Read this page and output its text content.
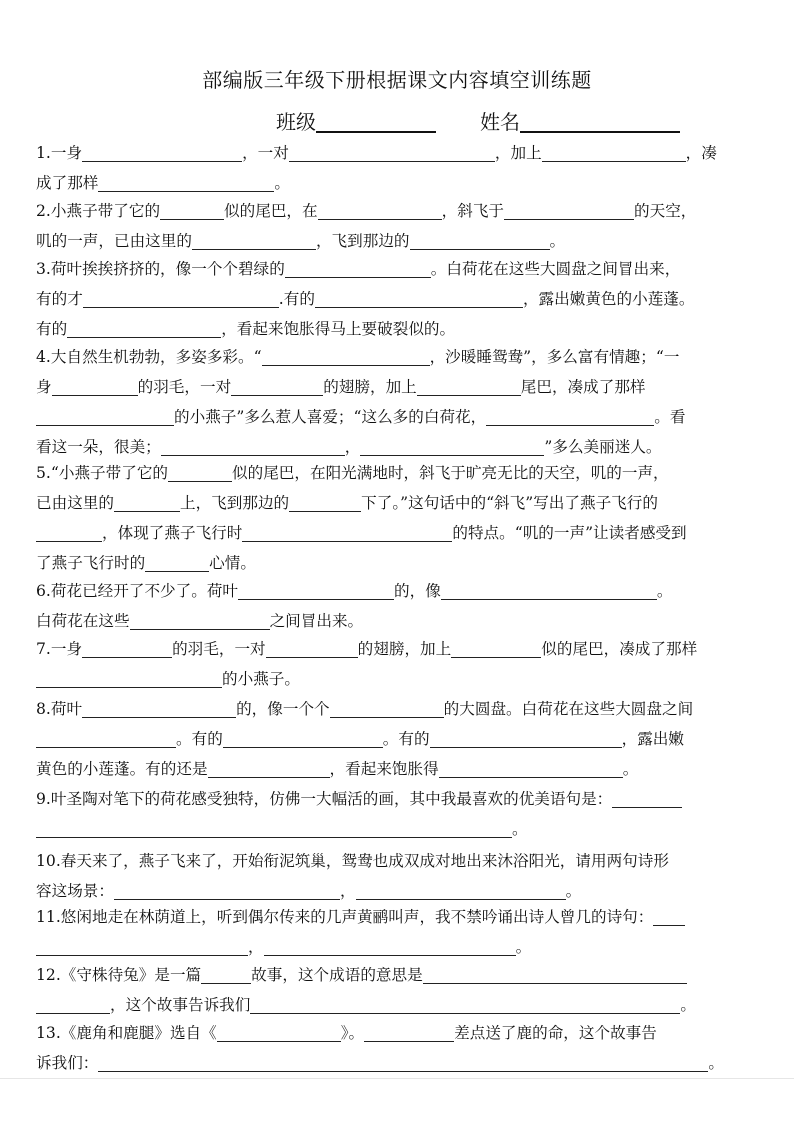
部编版三年级下册根据课文内容填空训练题
班级	姓名
1.一身	，一对	，加上	，凑
成了那样	。
2.小燕子带了它的	似的尾巴，在	，斜飞于	的天空，
叽的一声，已由这里的	，飞到那边的	。
3.荷叶挨挨挤挤的，像一个个碧绿的	。白荷花在这些大圆盘之间冒出来，
有的才	.有的	，露出嫩黄色的小莲蓬。
有的	，看起来饱胀得马上要破裂似的。
4.大自然生机勃勃，多姿多彩。“	，沙暖睡鸳鸯”，多么富有情趣；“一
身	的羽毛，一对	的翅膀，加上	尾巴，凑成了那样
的小燕子”多么惹人喜爱；“这么多的白荷花，	。看
看这一朵，很美；	，	”多么美丽迷人。
5.“小燕子带了它的	似的尾巴，在阳光满地时，斜飞于旷亮无比的天空，叽的一声，
已由这里的	上，飞到那边的	下了。”这句话中的“斜飞”写出了燕子飞行的
，体现了燕子飞行时	的特点。“叽的一声”让读者感受到
了燕子飞行时的	心情。
6.荷花已经开了不少了。荷叶	的，像	。
白荷花在这些	之间冒出来。
7.一身	的羽毛，一对	的翅膀，加上	似的尾巴，凑成了那样
的小燕子。
8.荷叶	的，像一个个	的大圆盘。白荷花在这些大圆盘之间
。有的	。有的	，露出嫩
黄色的小莲蓬。有的还是	，看起来饱胀得	。
9.叶圣陶对笔下的荷花感受独特，仿佛一大幅活的画，其中我最喜欢的优美语句是：
。
10.春天来了，燕子飞来了，开始衔泥筑巢，鸳鸯也成双成对地出来沐浴阳光，请用两句诗形
容这场景：	，	。
11.悠闲地走在林荫道上，听到偶尔传来的几声黄鹂叫声，我不禁吟诵出诗人曾几的诗句：
，	。
12.《守株待兔》是一篇	故事，这个成语的意思是
，这个故事告诉我们	。
13.《鹿角和鹿腿》选自《	》。	差点送了鹿的命，这个故事告
诉我们：	。
